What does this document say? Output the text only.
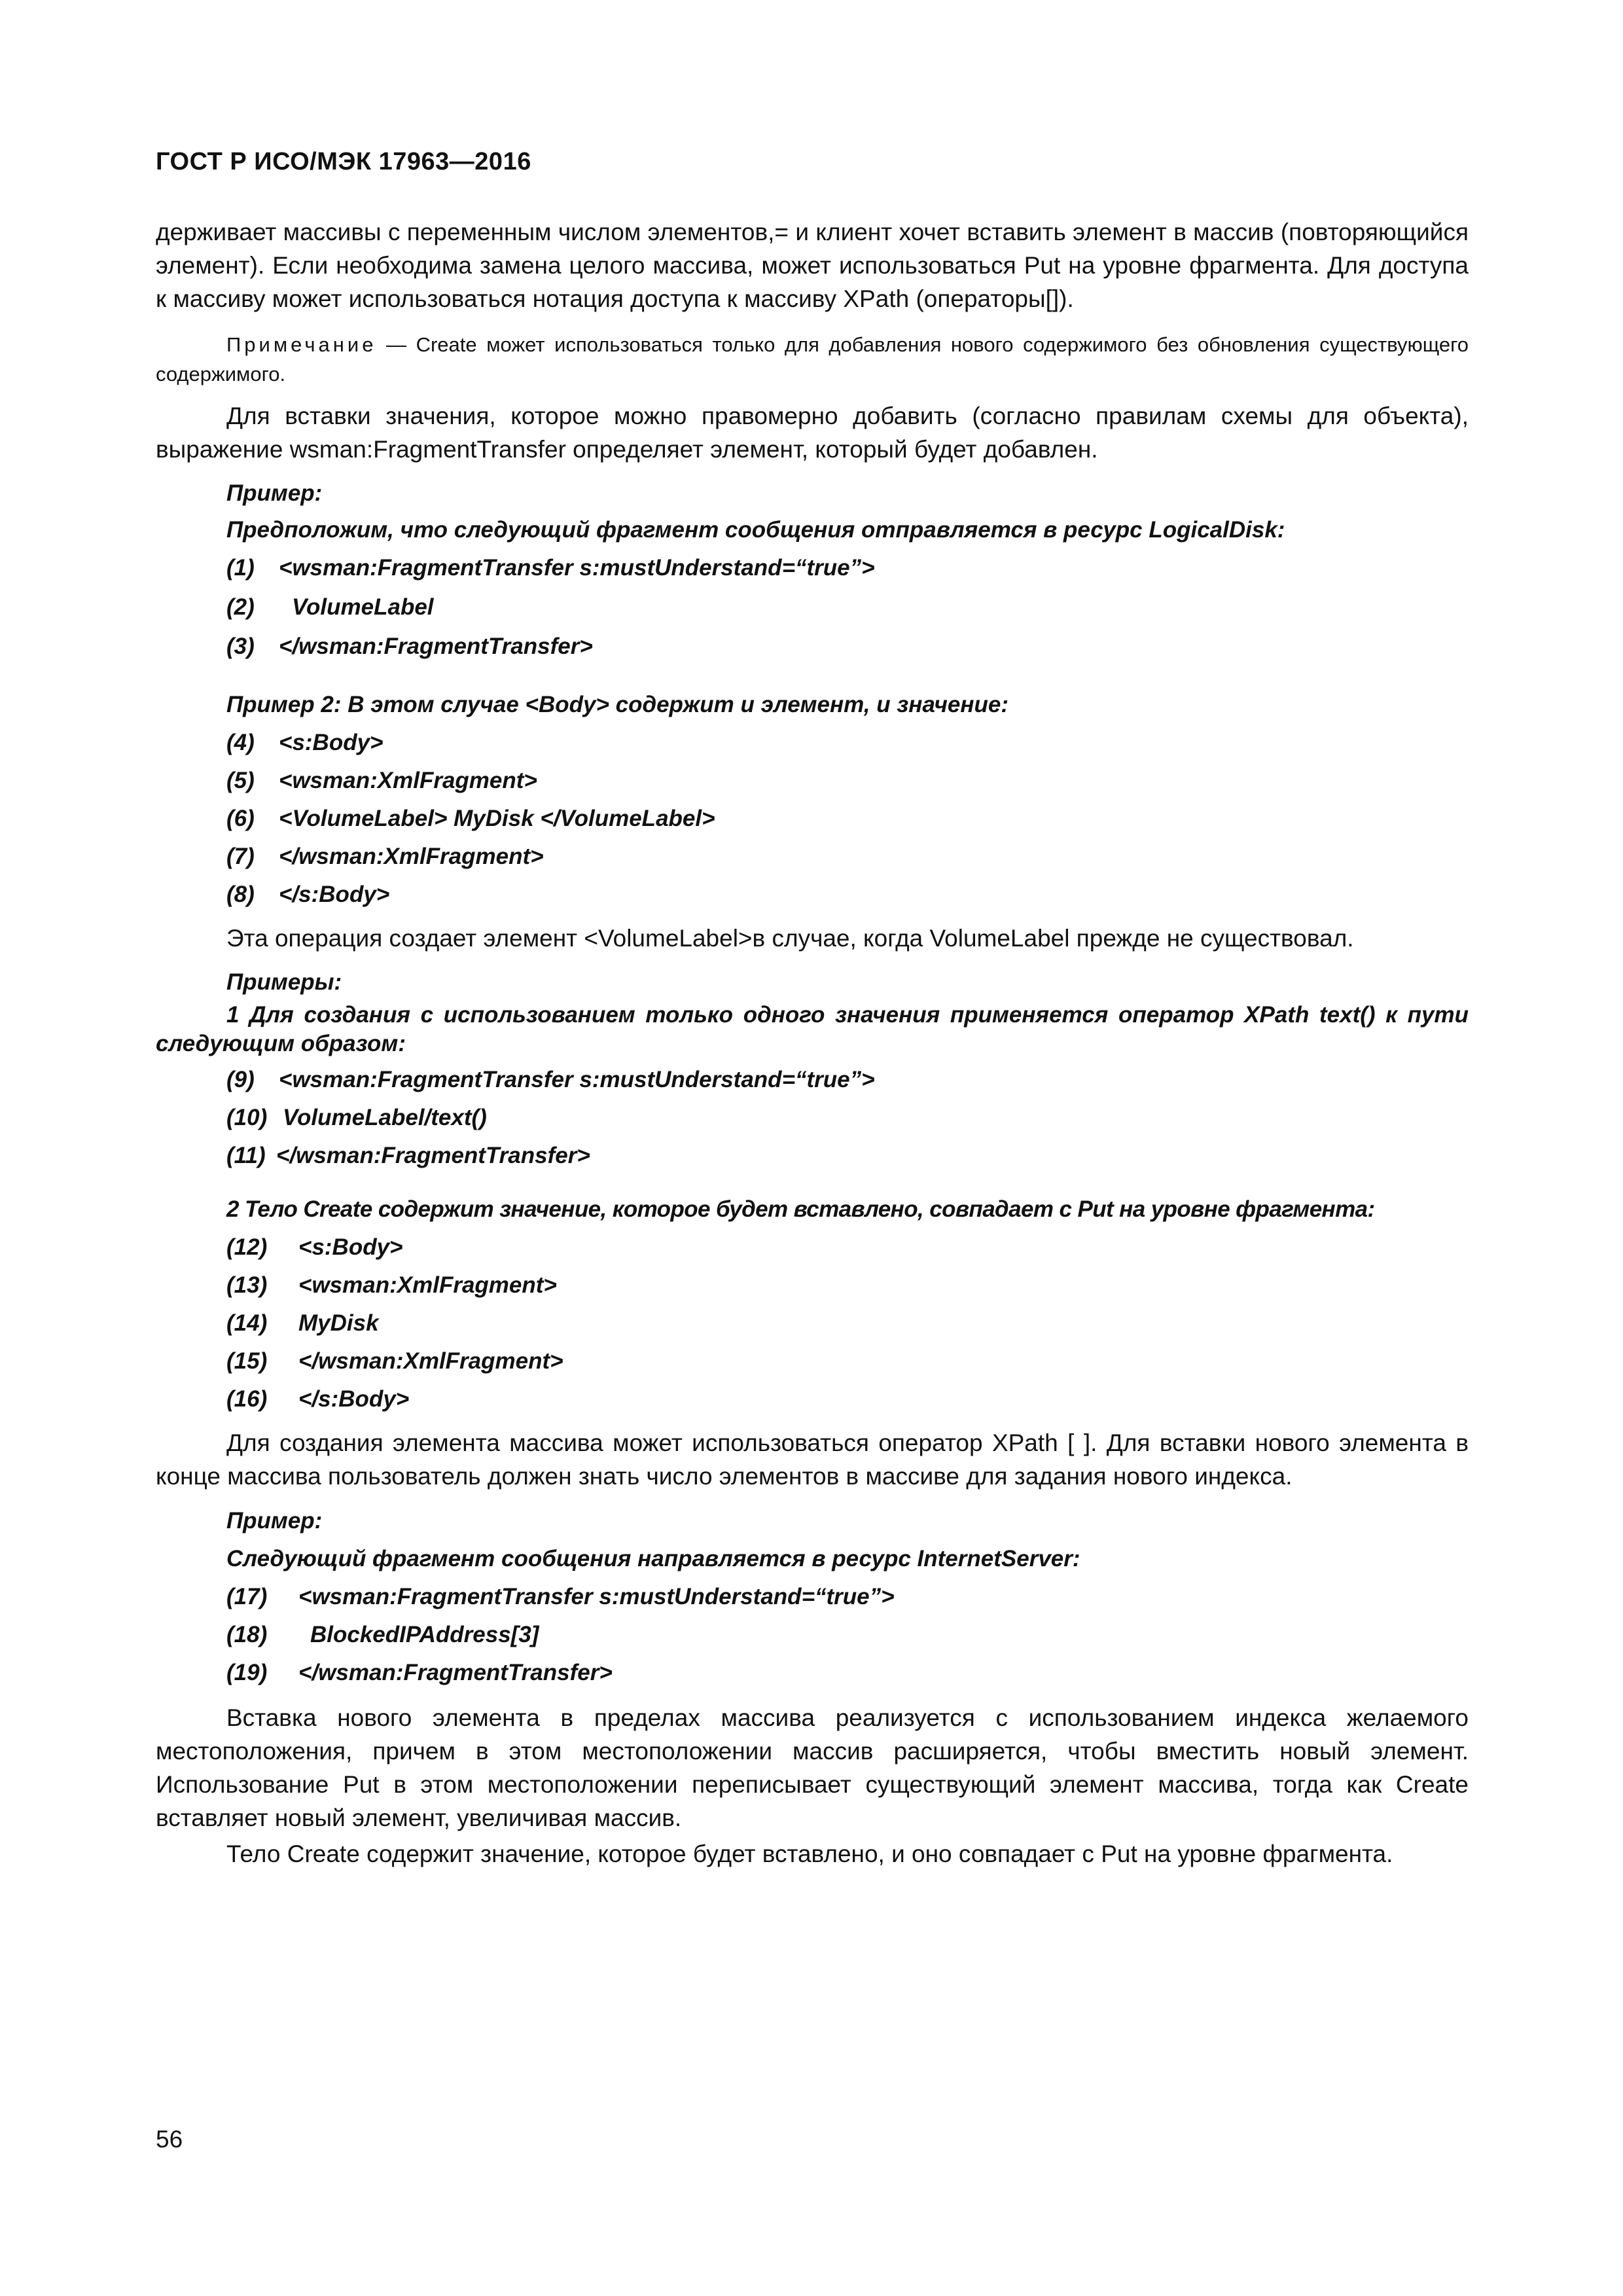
ГОСТ Р ИСО/МЭК 17963—2016

держивает массивы с переменным числом элементов,= и клиент хочет вставить элемент в массив (повторяющийся элемент). Если необходима замена целого массива, может использоваться Put на уровне фрагмента. Для доступа к массиву может использоваться нотация доступа к массиву XPath (операторы[]).

Примечание — Create может использоваться только для добавления нового содержимого без обновления существующего содержимого.

Для вставки значения, которое можно правомерно добавить (согласно правилам схемы для объекта), выражение wsman:FragmentTransfer определяет элемент, который будет добавлен.

Пример:

Предположим, что следующий фрагмент сообщения отправляется в ресурс LogicalDisk:

(1)	<wsman:FragmentTransfer s:mustUnderstand=“true”>
(2)	VolumeLabel
(3)	</wsman:FragmentTransfer>

Пример 2: В этом случае <Body> содержит и элемент, и значение:

(4)	<s:Body>
(5)	<wsman:XmlFragment>
(6)	<VolumeLabel> MyDisk </VolumeLabel>
(7)	</wsman:XmlFragment>
(8)	</s:Body>

Эта операция создает элемент <VolumeLabel>в случае, когда VolumeLabel прежде не существовал.

Примеры:

1 Для создания с использованием только одного значения применяется оператор XPath text() к пути следующим образом:

(9)	<wsman:FragmentTransfer s:mustUnderstand=“true”>
(10) VolumeLabel/text()
(11) </wsman:FragmentTransfer>

2 Тело Create содержит значение, которое будет вставлено, совпадает с Put на уровне фрагмента:

(12)	<s:Body>
(13)	<wsman:XmlFragment>
(14)	MyDisk
(15)	</wsman:XmlFragment>
(16)	</s:Body>

Для создания элемента массива может использоваться оператор XPath [ ]. Для вставки нового элемента в конце массива пользователь должен знать число элементов в массиве для задания нового индекса.

Пример:

Следующий фрагмент сообщения направляется в ресурс InternetServer:

(17)	<wsman:FragmentTransfer s:mustUnderstand=“true”>
(18)	BlockedIPAddress[3]
(19)	</wsman:FragmentTransfer>

Вставка нового элемента в пределах массива реализуется с использованием индекса желаемого местоположения, причем в этом местоположении массив расширяется, чтобы вместить новый элемент. Использование Put в этом местоположении переписывает существующий элемент массива, тогда как Create вставляет новый элемент, увеличивая массив.

Тело Create содержит значение, которое будет вставлено, и оно совпадает с Put на уровне фрагмента.

56
